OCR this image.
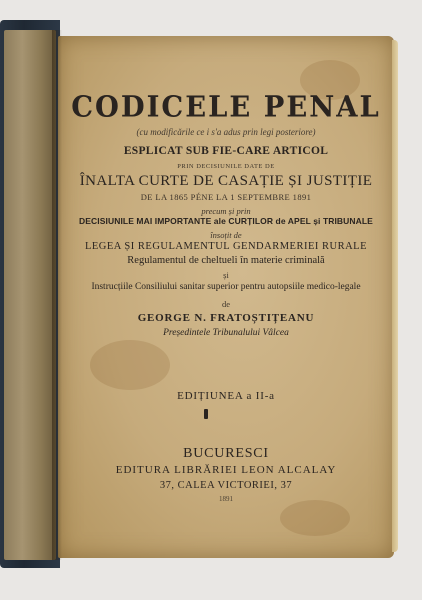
CODICELE PENAL
(cu modificările ce i s'a adus prin legi posteriore)
ESPLICAT SUB FIE-CARE ARTICOL
PRIN DECISIUNILE DATE DE
ÎNALTA CURTE DE CASAȚIE ȘI JUSTIȚIE
DE LA 1865 PÉNE LA 1 SEPTEMBRE 1891
precum și prin
DECISIUNILE MAI IMPORTANTE ale CURȚILOR de APEL și TRIBUNALE
însoțit de
LEGEA ȘI REGULAMENTUL GENDARMERIEI RURALE
Regulamentul de cheltueli în materie criminală
și
Instrucțiile Consiliului sanitar superior pentru autopsiile medico-legale
de
GEORGE N. FRATOȘTIȚEANU
Președintele Tribunalului Vâlcea
EDIȚIUNEA a II-a
BUCURESCI
EDITURA LIBRĂRIEI LEON ALCALAY
37, CALEA VICTORIEI, 37
1891
